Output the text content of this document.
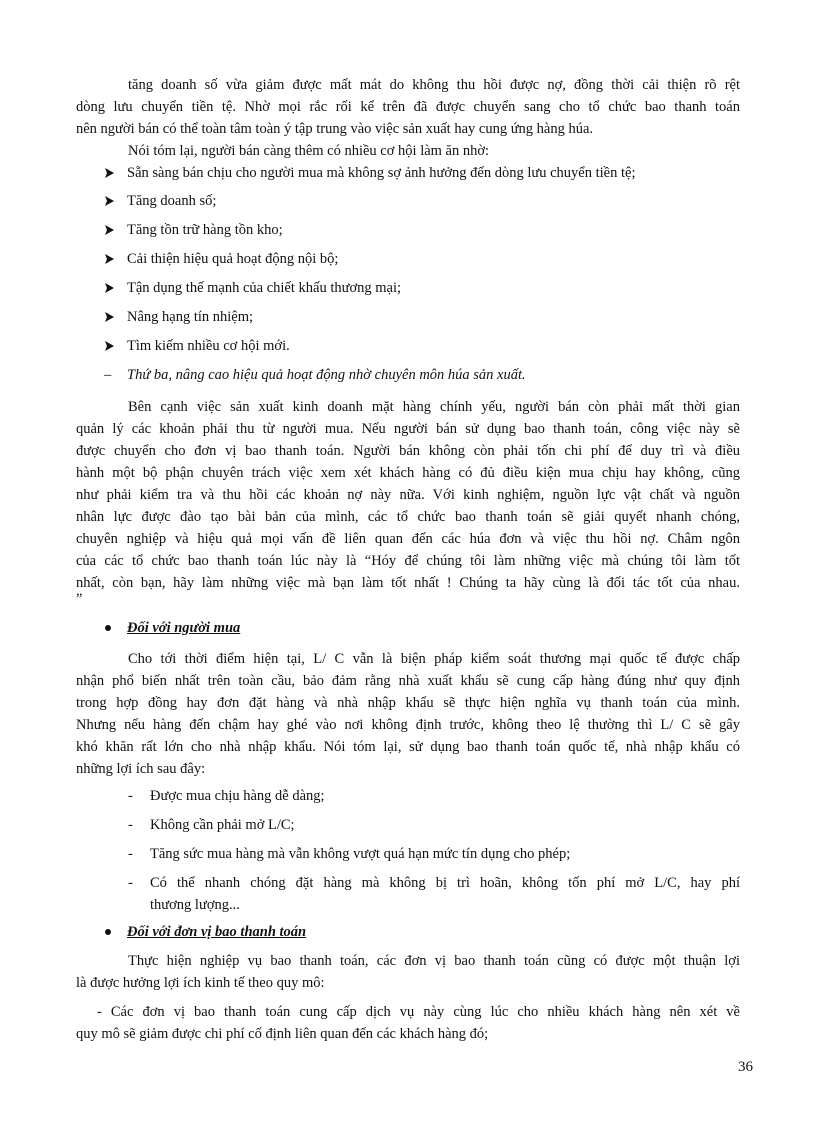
tăng doanh số vừa giảm được mất mát do không thu hồi được nợ, đồng thời cải thiện rõ rệt
dòng lưu chuyển tiền tệ. Nhờ mọi rắc rối kể trên đã được chuyển sang cho tổ chức bao thanh toán
nên người bán có thể toàn tâm toàn ý tập trung vào việc sản xuất hay cung ứng hàng húa.
Nói tóm lại, người bán càng thêm có nhiều cơ hội làm ăn nhờ:
Sẵn sàng bán chịu cho người mua mà không sợ ảnh hưởng đến dòng lưu chuyển tiền tệ;
Tăng doanh số;
Tăng tồn trữ hàng tồn kho;
Cải thiện hiệu quả hoạt động nội bộ;
Tận dụng thế mạnh của chiết khấu thương mại;
Nâng hạng tín nhiệm;
Tìm kiếm nhiều cơ hội mới.
– Thứ ba, nâng cao hiệu quả hoạt động nhờ chuyên môn húa sản xuất.
Bên cạnh việc sản xuất kinh doanh mặt hàng chính yếu, người bán còn phải mất thời gian
quản lý các khoản phải thu từ người mua. Nếu người bán sử dụng bao thanh toán, công việc này sẽ
được chuyển cho đơn vị bao thanh toán. Người bán không còn phải tốn chi phí để duy trì và điều
hành một bộ phận chuyên trách việc xem xét khách hàng có đủ điều kiện mua chịu hay không, cũng
như phải kiểm tra và thu hồi các khoản nợ này nữa. Với kinh nghiệm, nguồn lực vật chất và nguồn
nhân lực được đào tạo bài bản của mình, các tổ chức bao thanh toán sẽ giải quyết nhanh chóng,
chuyên nghiệp và hiệu quả mọi vấn đề liên quan đến các húa đơn và việc thu hồi nợ. Châm ngôn
của các tổ chức bao thanh toán lúc này là “Hóy để chúng tôi làm những việc mà chúng tôi làm tốt
nhất, còn bạn, hãy làm những việc mà bạn làm tốt nhất ! Chúng ta hãy cùng là đối tác tốt của nhau.
”
Đối với người mua
Cho tới thời điểm hiện tại, L/ C vẫn là biện pháp kiểm soát thương mại quốc tế được chấp
nhận phổ biến nhất trên toàn cầu, bảo đảm rằng nhà xuất khẩu sẽ cung cấp hàng đúng như quy định
trong hợp đồng hay đơn đặt hàng và nhà nhập khẩu sẽ thực hiện nghĩa vụ thanh toán của mình.
Nhưng nếu hàng đến chậm hay ghé vào nơi không định trước, không theo lệ thường thì L/ C sẽ gây
khó khăn rất lớn cho nhà nhập khẩu. Nói tóm lại, sử dụng bao thanh toán quốc tế, nhà nhập khẩu có
những lợi ích sau đây:
- Được mua chịu hàng dễ dàng;
- Không cần phải mở L/C;
- Tăng sức mua hàng mà vẫn không vượt quá hạn mức tín dụng cho phép;
- Có thể nhanh chóng đặt hàng mà không bị trì hoãn, không tốn phí mở L/C, hay phí
thương lượng...
Đối với đơn vị bao thanh toán
Thực hiện nghiệp vụ bao thanh toán, các đơn vị bao thanh toán cũng có được một thuận lợi
là được hưởng lợi ích kinh tế theo quy mô:
- Các đơn vị bao thanh toán cung cấp dịch vụ này cùng lúc cho nhiều khách hàng nên xét về
quy mô sẽ giảm được chi phí cố định liên quan đến các khách hàng đó;
36
